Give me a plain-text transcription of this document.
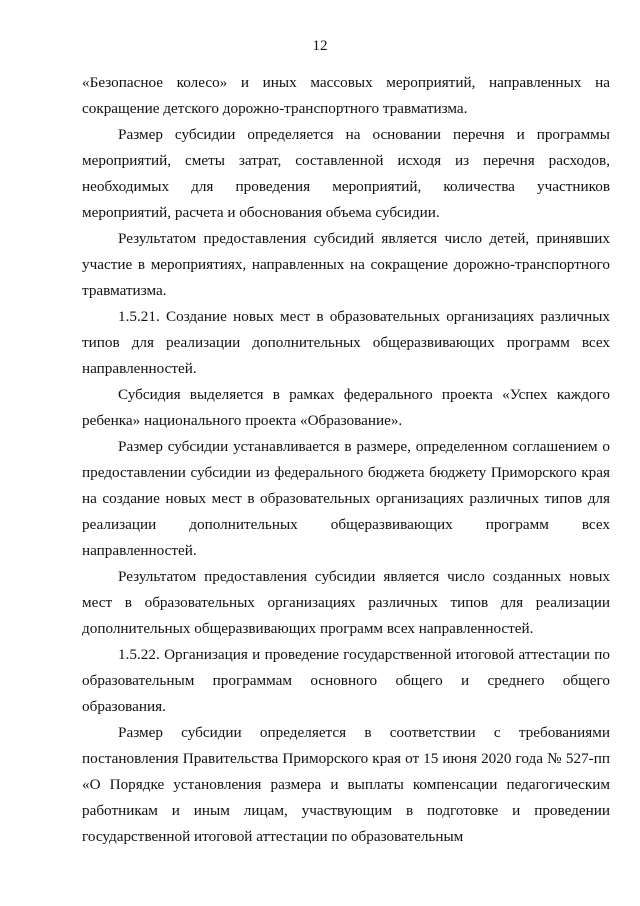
12

«Безопасное колесо» и иных массовых мероприятий, направленных на сокращение детского дорожно-транспортного травматизма.

Размер субсидии определяется на основании перечня и программы мероприятий, сметы затрат, составленной исходя из перечня расходов, необходимых для проведения мероприятий, количества участников мероприятий, расчета и обоснования объема субсидии.

Результатом предоставления субсидий является число детей, принявших участие в мероприятиях, направленных на сокращение дорожно-транспортного травматизма.

1.5.21. Создание новых мест в образовательных организациях различных типов для реализации дополнительных общеразвивающих программ всех направленностей.

Субсидия выделяется в рамках федерального проекта «Успех каждого ребенка» национального проекта «Образование».

Размер субсидии устанавливается в размере, определенном соглашением о предоставлении субсидии из федерального бюджета бюджету Приморского края на создание новых мест в образовательных организациях различных типов для реализации дополнительных общеразвивающих программ всех направленностей.

Результатом предоставления субсидии является число созданных новых мест в образовательных организациях различных типов для реализации дополнительных общеразвивающих программ всех направленностей.

1.5.22. Организация и проведение государственной итоговой аттестации по образовательным программам основного общего и среднего общего образования.

Размер субсидии определяется в соответствии с требованиями постановления Правительства Приморского края от 15 июня 2020 года № 527-пп «О Порядке установления размера и выплаты компенсации педагогическим работникам и иным лицам, участвующим в подготовке и проведении государственной итоговой аттестации по образовательным
